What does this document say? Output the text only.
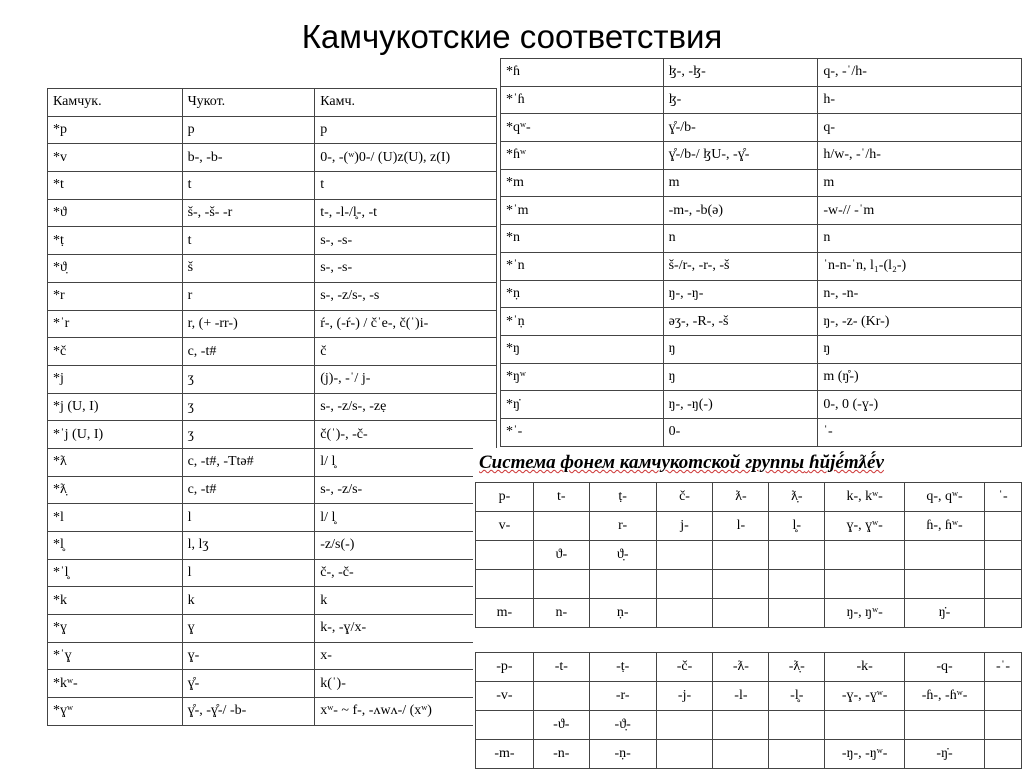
Камчукотские соответствия
Камчук.	Чукот.	Камч.
*p	p	p
*v	b-, -b-	0-, -(ʷ)0-/ (U)z(U), z(I)
*t	t	t
*ϑ	š-, -š- -r	t-, -l-/l̥-, -t
*ṭ	t	s-, -s-
*ϑ̣	š	s-, -s-
*r	r	s-, -z/s-, -s
*ˈr	r, (+ -rr-)	ŕ-, (-ŕ-) / čˈe-, č(ˈ)i-
*č	c, -t#	č
*j	ʒ	(j)-, -ˈ/ j-
*j (U, I)	ʒ	s-, -z/s-, -zẹ
*ˈj (U, I)	ʒ	č(ˈ)-, -č-
*ƛ	c, -t#, -Ttə#	l/ l̥
*ƛ̣	c, -t#	s-, -z/s-
*l	l	l/ l̥
*l̥	l, lʒ	-z/s(-)
*ˈl̥	l	č-, -č-
*k	k	k
*ɣ	ɣ	k-, -ɣ/x-
*ˈɣ	ɣ-	x-
*kʷ-	ɣ̊-	k(ˈ)-
*ɣʷ	ɣ̊-, -ɣ̊-/ -b-	xʷ- ~ f-, -ʌwʌ-/ (xʷ)
*ɦ	ɮ-, -ɮ-	q-, -ˈ/h-
*ˈɦ	ɮ-	h-
*qʷ-	ɣ̊-/b-	q-
*ɦʷ	ɣ̊-/b-/ ɮU-, -ɣ̊-	h/w-, -ˈ/h-
*m	m	m
*ˈm	-m-, -b(ə)	-w-// -ˈm
*n	n	n
*ˈn	š-/r-, -r-, -š	ˈn-n-ˈn, l₁-(l₂-)
*ṇ	ŋ-, -ŋ-	n-, -n-
*ˈṇ	əʒ-, -R-, -š	ŋ-, -z- (Kr-)
*ŋ	ŋ	ŋ
*ŋʷ	ŋ	m (ŋ̊-)
*ŋ̇	ŋ-, -ŋ(-)	0-, 0 (-ɣ-)
*ˈ-	0-	ˈ-
Система фонем камчукотской группы ɦŭjé́mƛé́v
p-	t-	ṭ-	č-	ƛ-	ƛ̣-	k-, kʷ-	q-, qʷ-	ˈ-
v-		r-	j-	l-	l̥-	ɣ-, ɣʷ-	ɦ-, ɦʷ-	
	ϑ-	ϑ̣-						

m-	n-	ṇ-				ŋ-, ŋʷ-	ŋ̇-	
-p-	-t-	-ṭ-	-č-	-ƛ-	-ƛ̣-	-k-	-q-	-ˈ-
-v-		-r-	-j-	-l-	-l̥-	-ɣ-, -ɣʷ-	-ɦ-, -ɦʷ-	
	-ϑ-	-ϑ̣-						
-m-	-n-	-ṇ-				-ŋ-, -ŋʷ-	-ŋ̇-	
